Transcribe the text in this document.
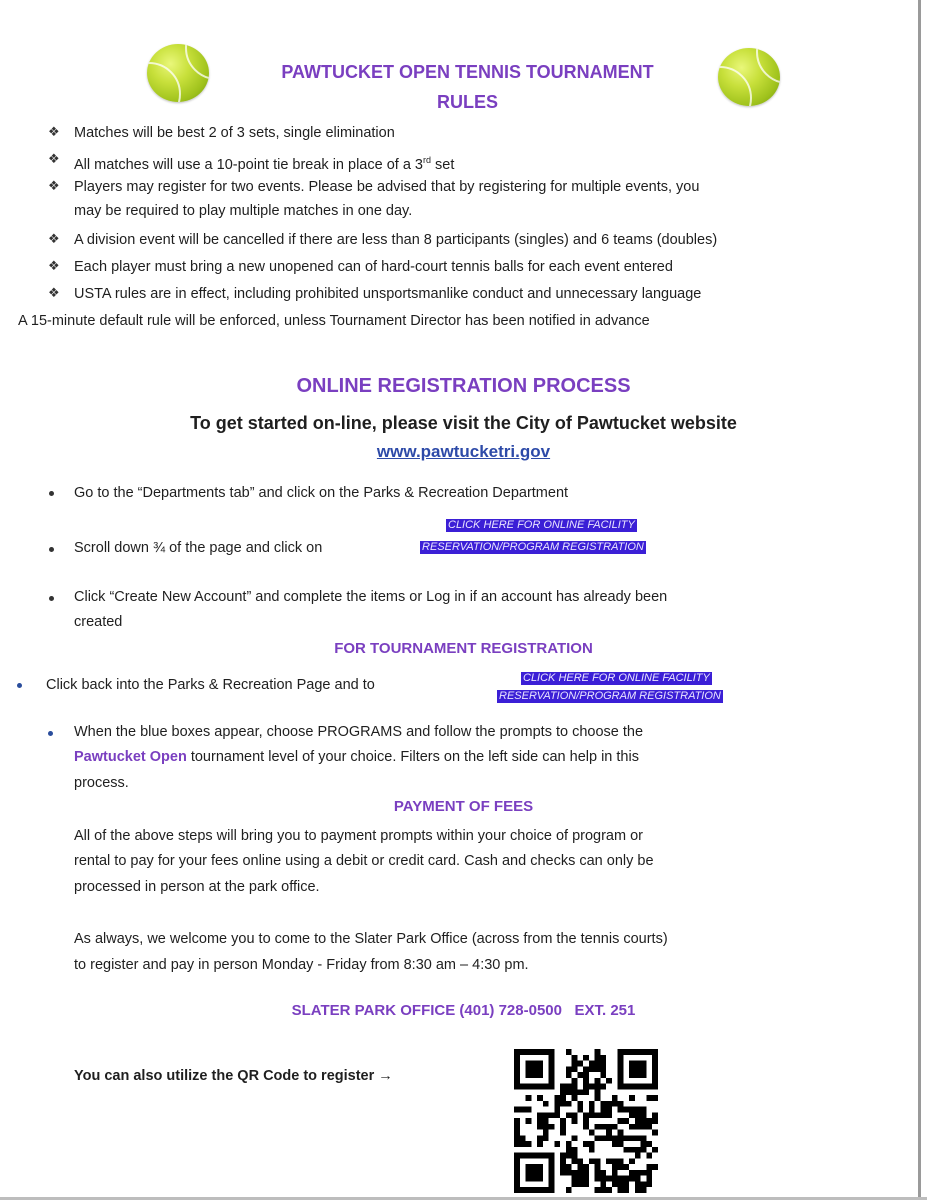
PAWTUCKET OPEN TENNIS TOURNAMENT
RULES
❖ Matches will be best 2 of 3 sets, single elimination
❖ All matches will use a 10-point tie break in place of a 3rd set
❖ Players may register for two events. Please be advised that by registering for multiple events, you
may be required to play multiple matches in one day.
❖ A division event will be cancelled if there are less than 8 participants (singles) and 6 teams (doubles)
❖ Each player must bring a new unopened can of hard-court tennis balls for each event entered
❖ USTA rules are in effect, including prohibited unsportsmanlike conduct and unnecessary language
A 15-minute default rule will be enforced, unless Tournament Director has been notified in advance
ONLINE REGISTRATION PROCESS
To get started on-line, please visit the City of Pawtucket website
www.pawtucketri.gov
Go to the “Departments tab” and click on the Parks & Recreation Department
CLICK HERE FOR ONLINE FACILITY
Scroll down ¾ of the page and click on	RESERVATION/PROGRAM REGISTRATION
Click “Create New Account” and complete the items or Log in if an account has already been
created
FOR TOURNAMENT REGISTRATION
CLICK HERE FOR ONLINE FACILITY
Click back into the Parks & Recreation Page and to
RESERVATION/PROGRAM REGISTRATION
When the blue boxes appear, choose PROGRAMS and follow the prompts to choose the
Pawtucket Open tournament level of your choice. Filters on the left side can help in this
process.
PAYMENT OF FEES
All of the above steps will bring you to payment prompts within your choice of program or
rental to pay for your fees online using a debit or credit card. Cash and checks can only be
processed in person at the park office.
As always, we welcome you to come to the Slater Park Office (across from the tennis courts)
to register and pay in person Monday - Friday from 8:30 am – 4:30 pm.
SLATER PARK OFFICE (401) 728-0500   EXT. 251
You can also utilize the QR Code to register →
